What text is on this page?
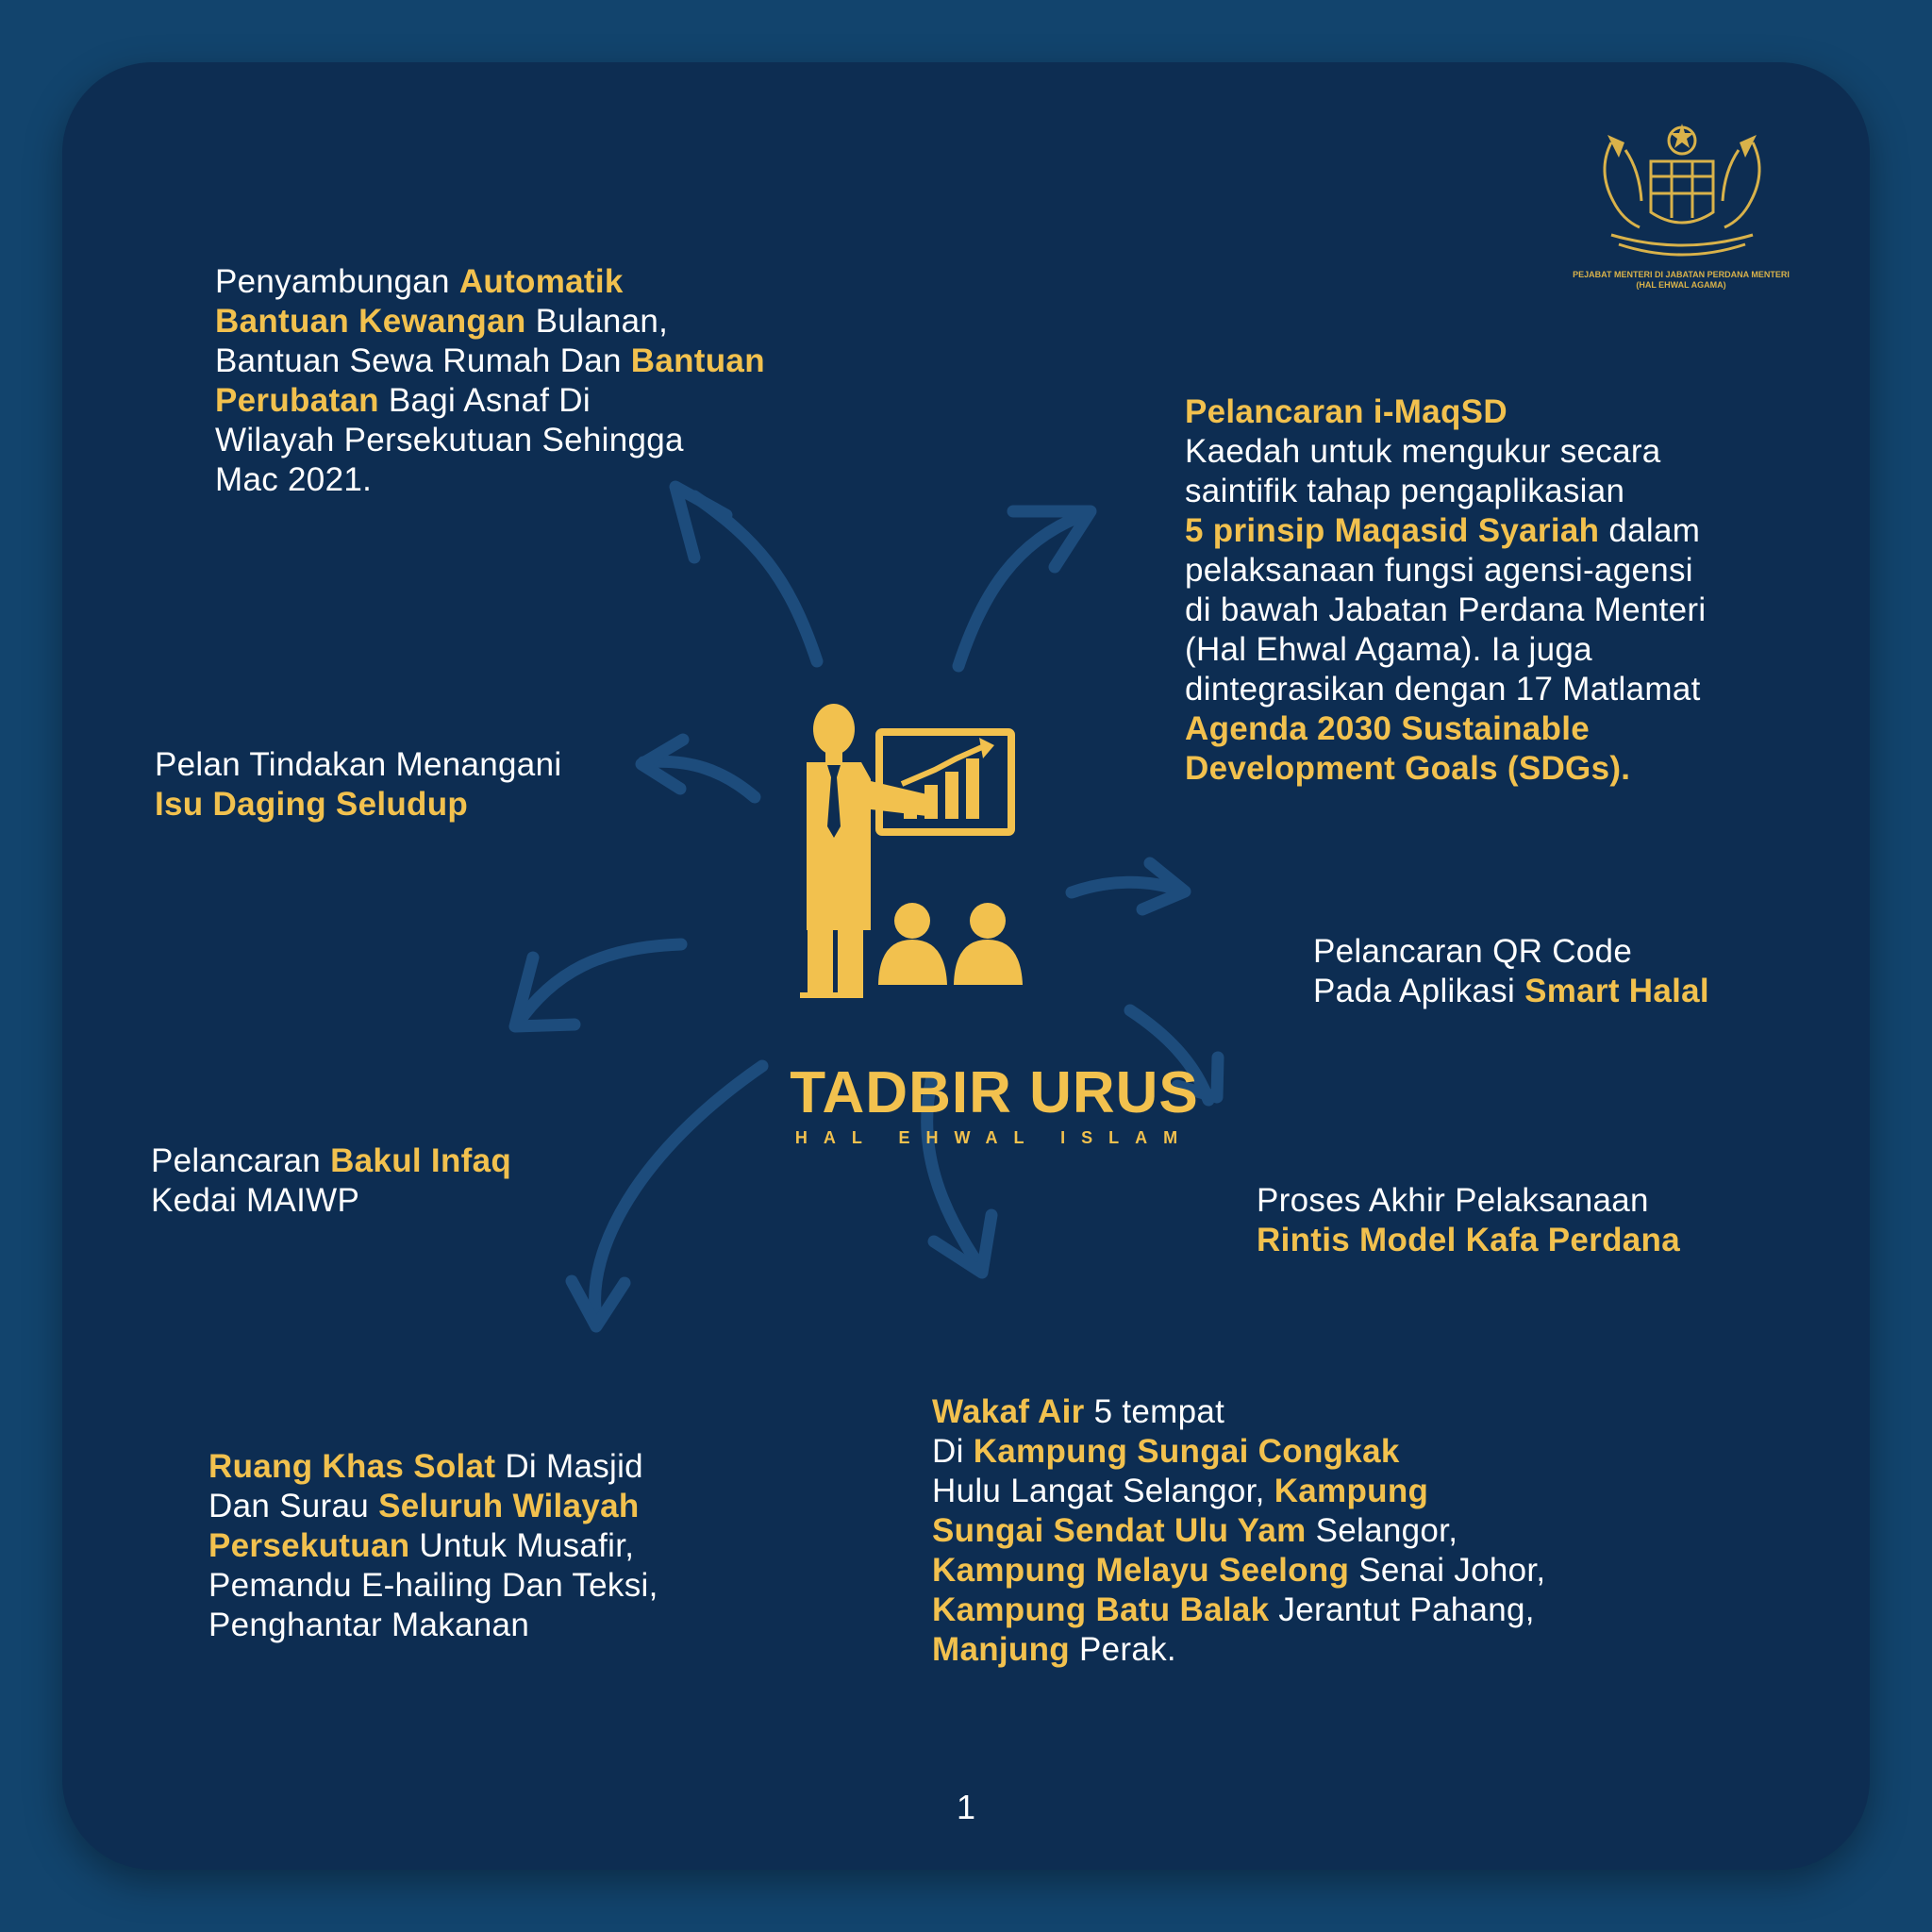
TADBIR URUS

HAL EHWAL ISLAM

PEJABAT MENTERI DI JABATAN PERDANA MENTERI

(HAL EHWAL AGAMA)

Penyambungan Automatik
Bantuan Kewangan Bulanan,
Bantuan Sewa Rumah Dan Bantuan
Perubatan Bagi Asnaf Di
Wilayah Persekutuan Sehingga
Mac 2021.

Pelancaran i-MaqSD
Kaedah untuk mengukur secara
saintifik tahap pengaplikasian
5 prinsip Maqasid Syariah dalam
pelaksanaan fungsi agensi-agensi
di bawah Jabatan Perdana Menteri
(Hal Ehwal Agama). Ia juga
dintegrasikan dengan 17 Matlamat
Agenda 2030 Sustainable
Development Goals (SDGs).

Pelan Tindakan Menangani
Isu Daging Seludup

Pelancaran QR Code
Pada Aplikasi Smart Halal

Pelancaran Bakul Infaq
Kedai MAIWP	Proses Akhir Pelaksanaan
Rintis Model Kafa Perdana

Ruang Khas Solat Di Masjid
Dan Surau Seluruh Wilayah
Persekutuan Untuk Musafir,
Pemandu E-hailing Dan Teksi,
Penghantar Makanan

Wakaf Air 5 tempat
Di Kampung Sungai Congkak
Hulu Langat Selangor, Kampung
Sungai Sendat Ulu Yam Selangor,
Kampung Melayu Seelong Senai Johor,
Kampung Batu Balak Jerantut Pahang,
Manjung Perak.

1
